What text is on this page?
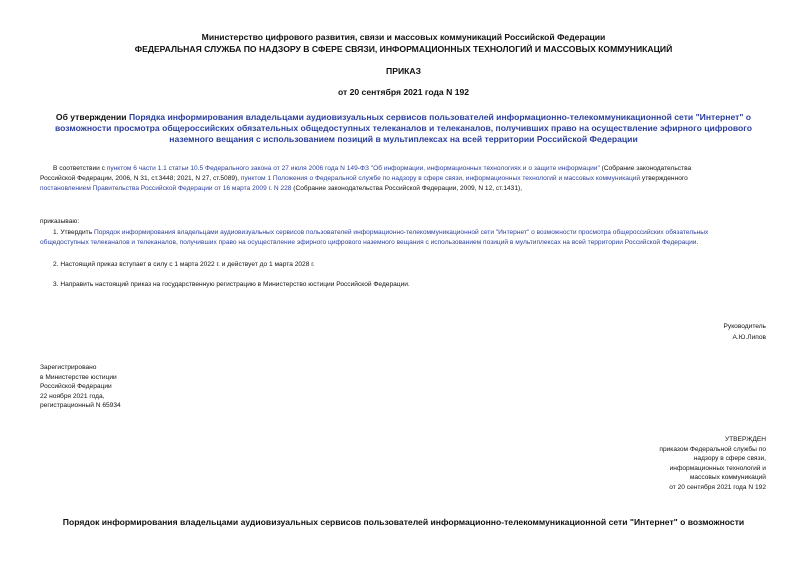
Министерство цифрового развития, связи и массовых коммуникаций Российской Федерации
ФЕДЕРАЛЬНАЯ СЛУЖБА ПО НАДЗОРУ В СФЕРЕ СВЯЗИ, ИНФОРМАЦИОННЫХ ТЕХНОЛОГИЙ И МАССОВЫХ КОММУНИКАЦИЙ
ПРИКАЗ
от 20 сентября 2021 года N 192
Об утверждении Порядка информирования владельцами аудиовизуальных сервисов пользователей информационно-телекоммуникационной сети "Интернет" о
возможности просмотра общероссийских обязательных общедоступных телеканалов и телеканалов, получивших право на осуществление эфирного цифрового
наземного вещания с использованием позиций в мультиплексах на всей территории Российской Федерации
В соответствии с пунктом 6 части 1.1 статьи 10.5 Федерального закона от 27 июля 2006 года N 149-ФЗ "Об информации, информационных технологиях и о защите информации" (Собрание законодательства
Российской Федерации, 2006, N 31, ст.3448; 2021, N 27, ст.5089), пунктом 1 Положения о Федеральной службе по надзору в сфере связи, информационных технологий и массовых коммуникаций утвержденного
постановлением Правительства Российской Федерации от 16 марта 2009 г. N 228 (Собрание законодательства Российской Федерации, 2009, N 12, ст.1431),
приказываю:
1. Утвердить Порядок информирования владельцами аудиовизуальных сервисов пользователей информационно-телекоммуникационной сети "Интернет" о возможности просмотра общероссийских обязательных
общедоступных телеканалов и телеканалов, получивших право на осуществление эфирного цифрового наземного вещания с использованием позиций в мультиплексах на всей территории Российской Федерации.
2. Настоящий приказ вступает в силу с 1 марта 2022 г. и действует до 1 марта 2028 г.
3. Направить настоящий приказ на государственную регистрацию в Министерство юстиции Российской Федерации.
Руководитель
А.Ю.Липов
Зарегистрировано
в Министерстве юстиции
Российской Федерации
22 ноября 2021 года,
регистрационный N 65934
УТВЕРЖДЕН
приказом Федеральной службы по
надзору в сфере связи,
информационных технологий и
массовых коммуникаций
от 20 сентября 2021 года N 192
Порядок информирования владельцами аудиовизуальных сервисов пользователей информационно-телекоммуникационной сети "Интернет" о возможности
